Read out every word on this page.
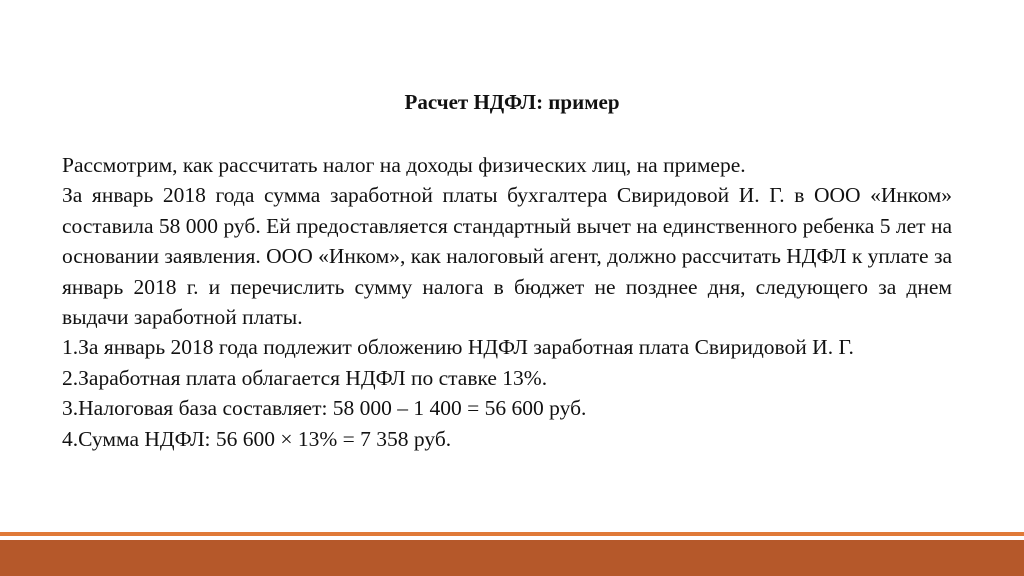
Расчет НДФЛ: пример

Рассмотрим, как рассчитать налог на доходы физических лиц, на примере.

За январь 2018 года сумма заработной платы бухгалтера Свиридовой И. Г. в ООО «Инком» составила 58 000 руб. Ей предоставляется стандартный вычет на единственного ребенка 5 лет на основании заявления. ООО «Инком», как налоговый агент, должно рассчитать НДФЛ к уплате за январь 2018 г. и перечислить сумму налога в бюджет не позднее дня, следующего за днем выдачи заработной платы.

1.За январь 2018 года подлежит обложению НДФЛ заработная плата Свиридовой И. Г.

2.Заработная плата облагается НДФЛ по ставке 13%.

3.Налоговая база составляет: 58 000 – 1 400 = 56 600 руб.

4.Сумма НДФЛ: 56 600 × 13% = 7 358 руб.
